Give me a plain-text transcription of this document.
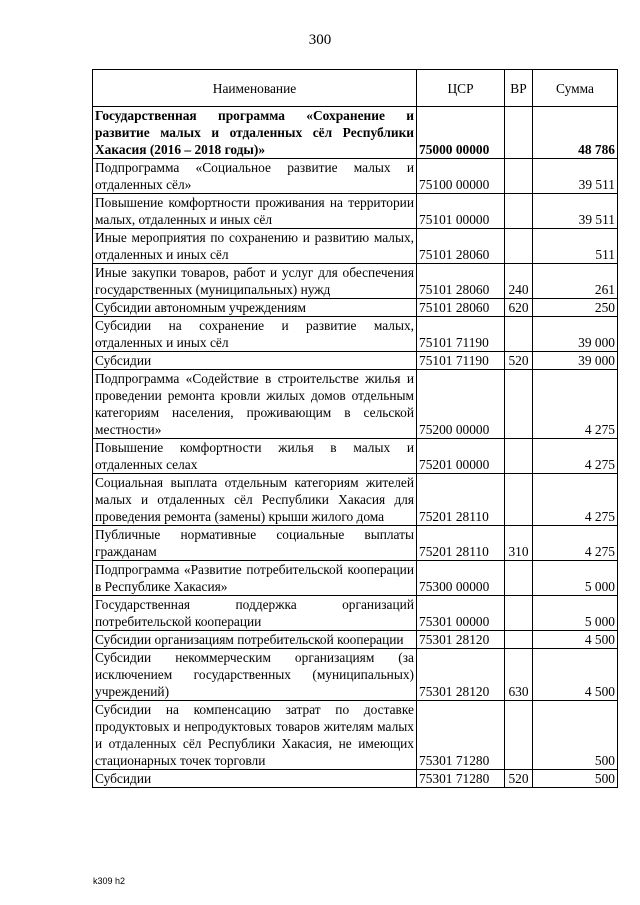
300
Наименование	ЦСР	ВР	Сумма
Государственная программа «Сохранение и развитие малых и отдаленных сёл Республики Хакасия (2016 – 2018 годы)»	75000 00000		48 786
Подпрограмма «Социальное развитие малых и отдаленных сёл»	75100 00000		39 511
Повышение комфортности проживания на территории малых, отдаленных и иных сёл	75101 00000		39 511
Иные мероприятия по сохранению и развитию малых, отдаленных и иных сёл	75101 28060		511
Иные закупки товаров, работ и услуг для обеспечения государственных (муниципальных) нужд	75101 28060	240	261
Субсидии автономным учреждениям	75101 28060	620	250
Субсидии на сохранение и развитие малых, отдаленных и иных сёл	75101 71190		39 000
Субсидии	75101 71190	520	39 000
Подпрограмма «Содействие в строительстве жилья и проведении ремонта кровли жилых домов отдельным категориям населения, проживающим в сельской местности»	75200 00000		4 275
Повышение комфортности жилья в малых и отдаленных селах	75201 00000		4 275
Социальная выплата отдельным категориям жителей малых и отдаленных сёл Республики Хакасия для проведения ремонта (замены) крыши жилого дома	75201 28110		4 275
Публичные нормативные социальные выплаты гражданам	75201 28110	310	4 275
Подпрограмма «Развитие потребительской кооперации в Республике Хакасия»	75300 00000		5 000
Государственная поддержка организаций потребительской кооперации	75301 00000		5 000
Субсидии организациям потребительской кооперации	75301 28120		4 500
Субсидии некоммерческим организациям (за исключением государственных (муниципальных) учреждений)	75301 28120	630	4 500
Субсидии на компенсацию затрат по доставке продуктовых и непродуктовых товаров жителям малых и отдаленных сёл Республики Хакасия, не имеющих стационарных точек торговли	75301 71280		500
Субсидии	75301 71280	520	500
k309 h2
